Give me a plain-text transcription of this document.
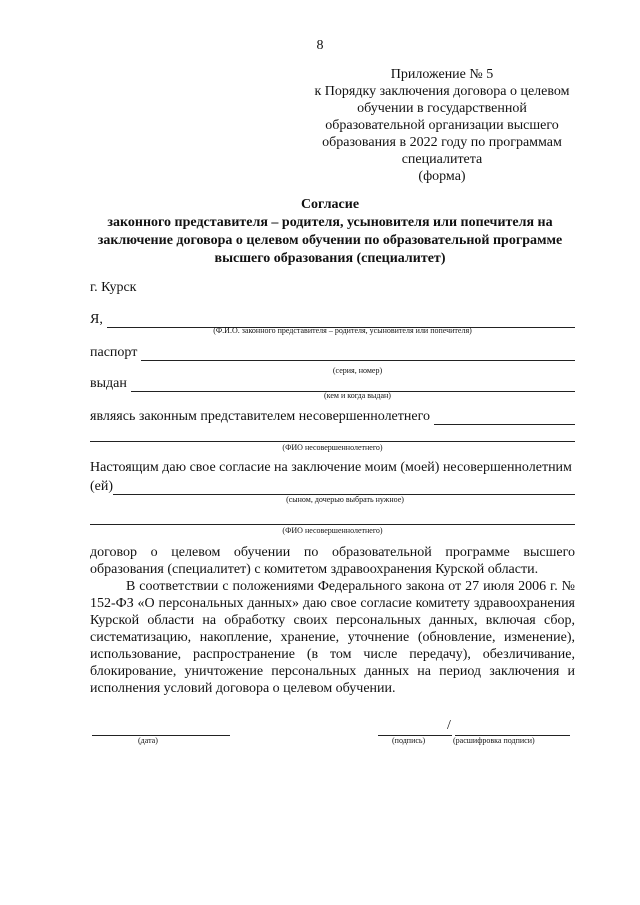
8
Приложение № 5
к Порядку заключения договора о целевом
обучении в государственной
образовательной организации высшего
образования в 2022 году по программам
специалитета
(форма)
Согласие
законного представителя – родителя, усыновителя или попечителя на
заключение договора о целевом обучении по образовательной программе
высшего образования (специалитет)
г. Курск
Я,
(Ф.И.О. законного представителя – родителя, усыновителя или попечителя)
паспорт
(серия, номер)
выдан
(кем и когда выдан)
являясь законным представителем несовершеннолетнего
(ФИО несовершеннолетнего)
Настоящим даю свое согласие на заключение моим (моей) несовершеннолетним
(ей)
(сыном, дочерью выбрать нужное)
(ФИО несовершеннолетнего)
договор о целевом обучении по образовательной программе высшего образования (специалитет) с комитетом здравоохранения Курской области.
В соответствии с положениями Федерального закона от 27 июля 2006 г. № 152-ФЗ «О персональных данных» даю свое согласие комитету здравоохранения Курской области на обработку своих персональных данных, включая сбор, систематизацию, накопление, хранение, уточнение (обновление, изменение), использование, распространение (в том числе передачу), обезличивание, блокирование, уничтожение персональных данных на период заключения и исполнения условий договора о целевом обучении.
(дата)
/
(подпись)	(расшифровка подписи)
